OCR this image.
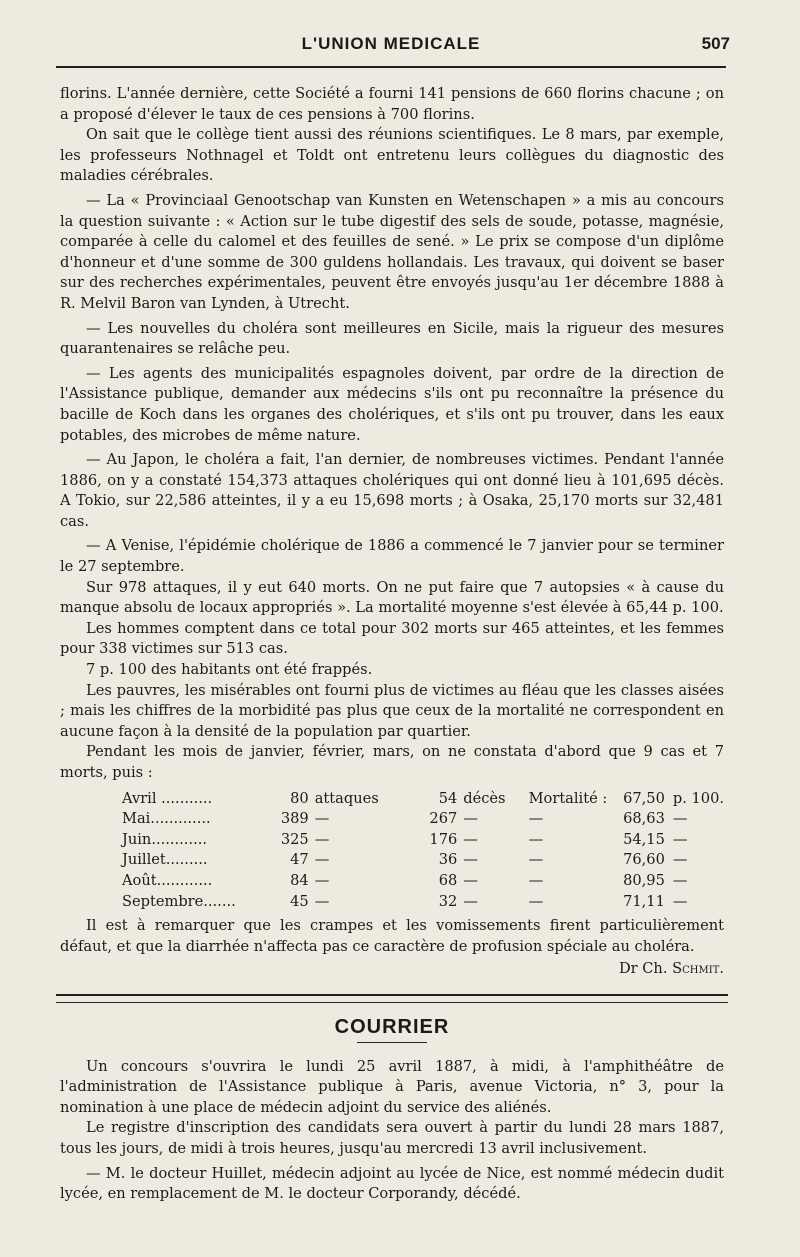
L'UNION MEDICALE	507

florins. L'année dernière, cette Société a fourni 141 pensions de 660 florins chacune ; on a proposé d'élever le taux de ces pensions à 700 florins.

On sait que le collège tient aussi des réunions scientifiques. Le 8 mars, par exemple, les professeurs Nothnagel et Toldt ont entretenu leurs collègues du diagnostic des maladies cérébrales.

— La « Provinciaal Genootschap van Kunsten en Wetenschapen » a mis au concours la question suivante : « Action sur le tube digestif des sels de soude, potasse, magnésie, comparée à celle du calomel et des feuilles de sené. » Le prix se compose d'un diplôme d'honneur et d'une somme de 300 guldens hollandais. Les travaux, qui doivent se baser sur des recherches expérimentales, peuvent être envoyés jusqu'au 1er décembre 1888 à R. Melvil Baron van Lynden, à Utrecht.

— Les nouvelles du choléra sont meilleures en Sicile, mais la rigueur des mesures quarantenaires se relâche peu.

— Les agents des municipalités espagnoles doivent, par ordre de la direction de l'Assistance publique, demander aux médecins s'ils ont pu reconnaître la présence du bacille de Koch dans les organes des cholériques, et s'ils ont pu trouver, dans les eaux potables, des microbes de même nature.

— Au Japon, le choléra a fait, l'an dernier, de nombreuses victimes. Pendant l'année 1886, on y a constaté 154,373 attaques cholériques qui ont donné lieu à 101,695 décès. A Tokio, sur 22,586 atteintes, il y a eu 15,698 morts ; à Osaka, 25,170 morts sur 32,481 cas.

— A Venise, l'épidémie cholérique de 1886 a commencé le 7 janvier pour se terminer le 27 septembre.

Sur 978 attaques, il y eut 640 morts. On ne put faire que 7 autopsies « à cause du manque absolu de locaux appropriés ». La mortalité moyenne s'est élevée à 65,44 p. 100.

Les hommes comptent dans ce total pour 302 morts sur 465 atteintes, et les femmes pour 338 victimes sur 513 cas.

7 p. 100 des habitants ont été frappés.

Les pauvres, les misérables ont fourni plus de victimes au fléau que les classes aisées ; mais les chiffres de la morbidité pas plus que ceux de la mortalité ne correspondent en aucune façon à la densité de la population par quartier.

Pendant les mois de janvier, février, mars, on ne constata d'abord que 9 cas et 7 morts, puis :

Avril ...........	80	attaques	54	décès	Mortalité :	67,50	p. 100.
Mai.............	389	—	267	—	—	68,63	—
Juin............	325	—	176	—	—	54,15	—
Juillet.........	47	—	36	—	—	76,60	—
Août............	84	—	68	—	—	80,95	—
Septembre.......	45	—	32	—	—	71,11	—

Il est à remarquer que les crampes et les vomissements firent particulièrement défaut, et que la diarrhée n'affecta pas ce caractère de profusion spéciale au choléra.

Dr Ch. Schmit.
COURRIER

Un concours s'ouvrira le lundi 25 avril 1887, à midi, à l'amphithéâtre de l'administration de l'Assistance publique à Paris, avenue Victoria, n° 3, pour la nomination à une place de médecin adjoint du service des aliénés.

Le registre d'inscription des candidats sera ouvert à partir du lundi 28 mars 1887, tous les jours, de midi à trois heures, jusqu'au mercredi 13 avril inclusivement.

— M. le docteur Huillet, médecin adjoint au lycée de Nice, est nommé médecin dudit lycée, en remplacement de M. le docteur Corporandy, décédé.
